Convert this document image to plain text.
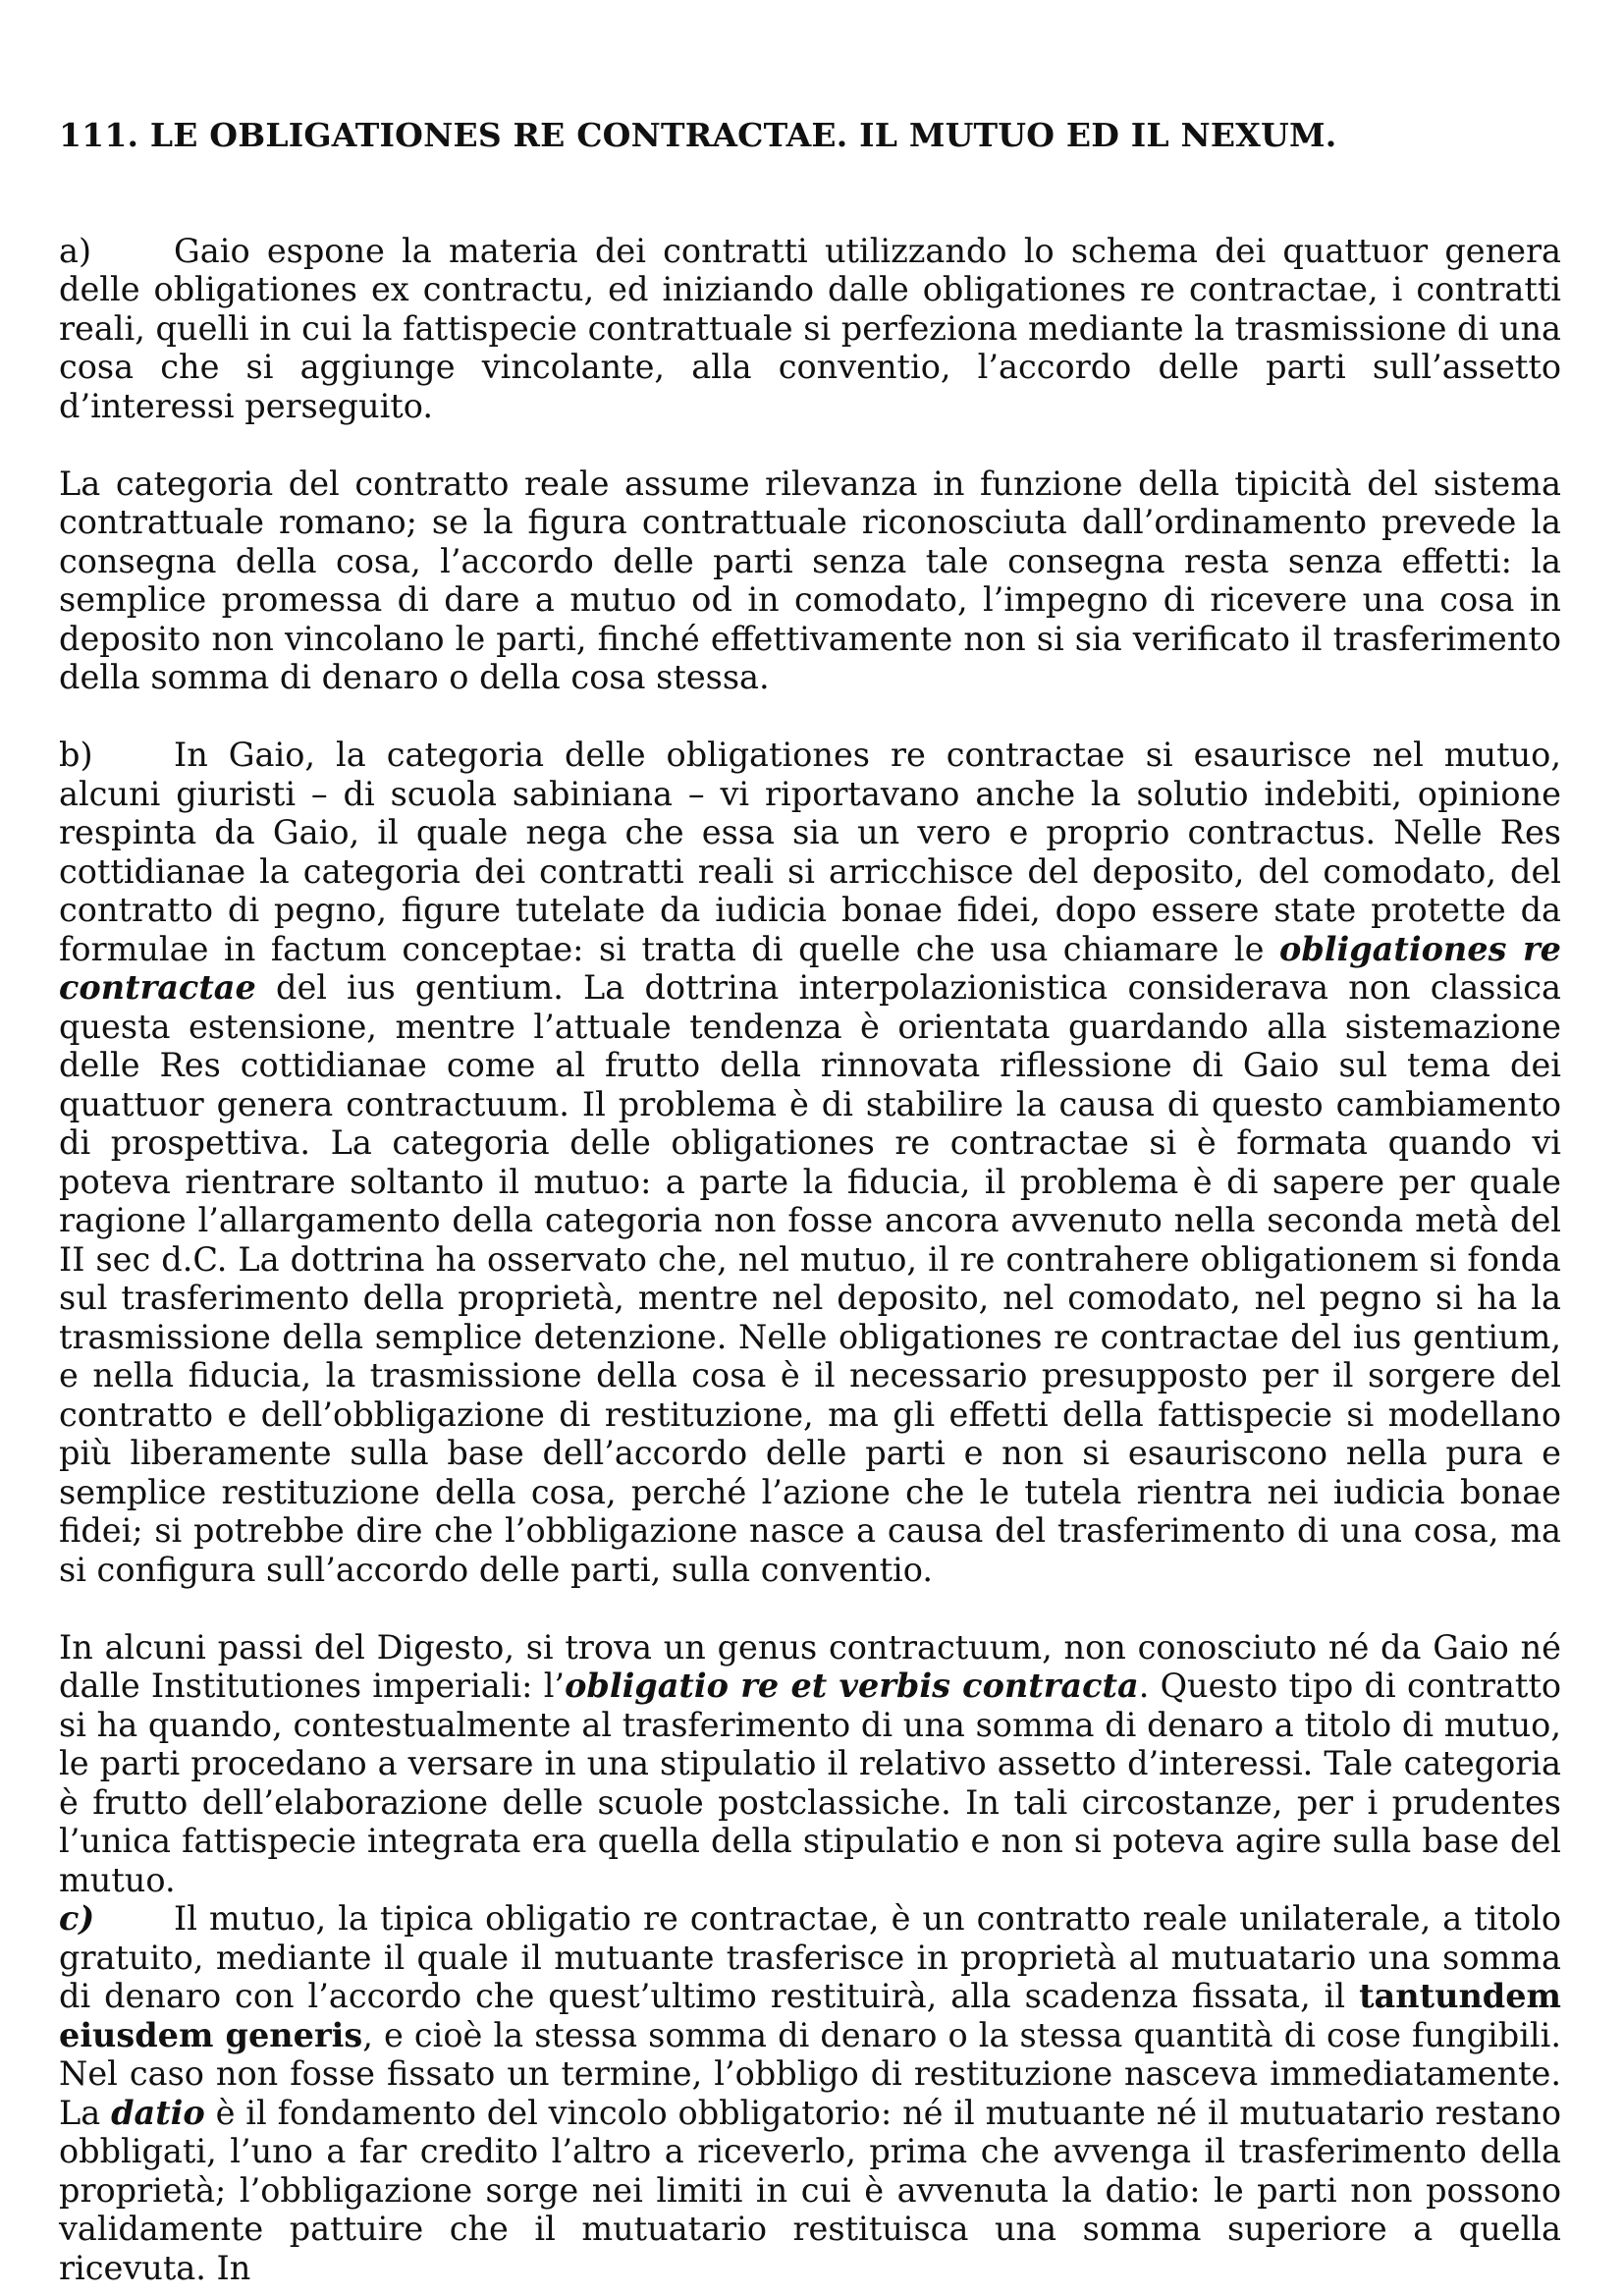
111. LE OBLIGATIONES RE CONTRACTAE. IL MUTUO ED IL NEXUM.

a)	Gaio espone la materia dei contratti utilizzando lo schema dei quattuor genera delle obligationes ex contractu, ed iniziando dalle obligationes re contractae, i contratti reali, quelli in cui la fattispecie contrattuale si perfeziona mediante la trasmissione di una cosa che si aggiunge vincolante, alla conventio, l’accordo delle parti sull’assetto d’interessi perseguito.

La categoria del contratto reale assume rilevanza in funzione della tipicità del sistema contrattuale romano; se la figura contrattuale riconosciuta dall’ordinamento prevede la consegna della cosa, l’accordo delle parti senza tale consegna resta senza effetti: la semplice promessa di dare a mutuo od in comodato, l’impegno di ricevere una cosa in deposito non vincolano le parti, finché effettivamente non si sia verificato il trasferimento della somma di denaro o della cosa stessa.

b) In Gaio, la categoria delle obligationes re contractae si esaurisce nel mutuo, alcuni giuristi – di scuola sabiniana – vi riportavano anche la solutio indebiti, opinione respinta da Gaio, il quale nega che essa sia un vero e proprio contractus. Nelle Res cottidianae la categoria dei contratti reali si arricchisce del deposito, del comodato, del contratto di pegno, figure tutelate da iudicia bonae fidei, dopo essere state protette da formulae in factum conceptae: si tratta di quelle che usa chiamare le obligationes re contractae del ius gentium. La dottrina interpolazionistica considerava non classica questa estensione, mentre l’attuale tendenza è orientata guardando alla sistemazione delle Res cottidianae come al frutto della rinnovata riflessione di Gaio sul tema dei quattuor genera contractuum. Il problema è di stabilire la causa di questo cambiamento di prospettiva. La categoria delle obligationes re contractae si è formata quando vi poteva rientrare soltanto il mutuo: a parte la fiducia, il problema è di sapere per quale ragione l’allargamento della categoria non fosse ancora avvenuto nella seconda metà del II sec d.C. La dottrina ha osservato che, nel mutuo, il re contrahere obligationem si fonda sul trasferimento della proprietà, mentre nel deposito, nel comodato, nel pegno si ha la trasmissione della semplice detenzione. Nelle obligationes re contractae del ius gentium, e nella fiducia, la trasmissione della cosa è il necessario presupposto per il sorgere del contratto e dell’obbligazione di restituzione, ma gli effetti della fattispecie si modellano più liberamente sulla base dell’accordo delle parti e non si esauriscono nella pura e semplice restituzione della cosa, perché l’azione che le tutela rientra nei iudicia bonae fidei; si potrebbe dire che l’obbligazione nasce a causa del trasferimento di una cosa, ma si configura sull’accordo delle parti, sulla conventio.

In alcuni passi del Digesto, si trova un genus contractuum, non conosciuto né da Gaio né dalle Institutiones imperiali: l’obligatio re et verbis contracta. Questo tipo di contratto si ha quando, contestualmente al trasferimento di una somma di denaro a titolo di mutuo, le parti procedano a versare in una stipulatio il relativo assetto d’interessi. Tale categoria è frutto dell’elaborazione delle scuole postclassiche. In tali circostanze, per i prudentes l’unica fattispecie integrata era quella della stipulatio e non si poteva agire sulla base del mutuo.

c) Il mutuo, la tipica obligatio re contractae, è un contratto reale unilaterale, a titolo gratuito, mediante il quale il mutuante trasferisce in proprietà al mutuatario una somma di denaro con l’accordo che quest’ultimo restituirà, alla scadenza fissata, il tantundem eiusdem generis, e cioè la stessa somma di denaro o la stessa quantità di cose fungibili. Nel caso non fosse fissato un termine, l’obbligo di restituzione nasceva immediatamente. La datio è il fondamento del vincolo obbligatorio: né il mutuante né il mutuatario restano obbligati, l’uno a far credito l’altro a riceverlo, prima che avvenga il trasferimento della proprietà; l’obbligazione sorge nei limiti in cui è avvenuta la datio: le parti non possono validamente pattuire che il mutuatario restituisca una somma superiore a quella ricevuta. In
